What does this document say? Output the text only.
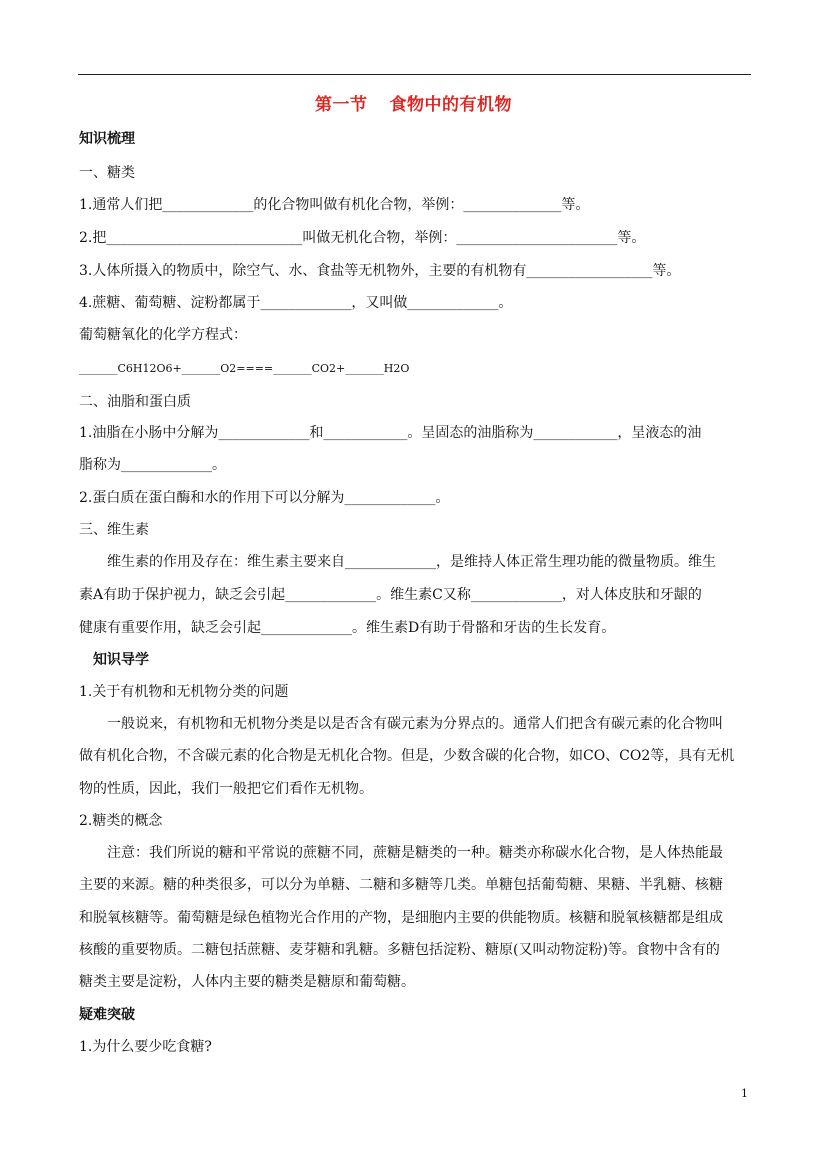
第一节 食物中的有机物
知识梳理
一、糖类
1.通常人们把_____________的化合物叫做有机化合物，举例：______________等。
2.把____________________________叫做无机化合物，举例：_______________________等。
3.人体所摄入的物质中，除空气、水、食盐等无机物外，主要的有机物有__________________等。
4.蔗糖、葡萄糖、淀粉都属于_____________，又叫做_____________。
葡萄糖氧化的化学方程式：
_______C6H12O6+_______O2====_______CO2+_______H2O
二、油脂和蛋白质
1.油脂在小肠中分解为_____________和____________。呈固态的油脂称为____________，呈液态的油
脂称为_____________。
2.蛋白质在蛋白酶和水的作用下可以分解为_____________。
三、维生素
维生素的作用及存在：维生素主要来自_____________，是维持人体正常生理功能的微量物质。维生
素A有助于保护视力，缺乏会引起_____________。维生素C又称_____________，对人体皮肤和牙龈的
健康有重要作用，缺乏会引起_____________。维生素D有助于骨骼和牙齿的生长发育。
知识导学
1.关于有机物和无机物分类的问题
一般说来，有机物和无机物分类是以是否含有碳元素为分界点的。通常人们把含有碳元素的化合物叫
做有机化合物，不含碳元素的化合物是无机化合物。但是，少数含碳的化合物，如CO、CO2等，具有无机
物的性质，因此，我们一般把它们看作无机物。
2.糖类的概念
注意：我们所说的糖和平常说的蔗糖不同，蔗糖是糖类的一种。糖类亦称碳水化合物，是人体热能最
主要的来源。糖的种类很多，可以分为单糖、二糖和多糖等几类。单糖包括葡萄糖、果糖、半乳糖、核糖
和脱氧核糖等。葡萄糖是绿色植物光合作用的产物，是细胞内主要的供能物质。核糖和脱氧核糖都是组成
核酸的重要物质。二糖包括蔗糖、麦芽糖和乳糖。多糖包括淀粉、糖原(又叫动物淀粉)等。食物中含有的
糖类主要是淀粉，人体内主要的糖类是糖原和葡萄糖。
疑难突破
1.为什么要少吃食糖?
1
